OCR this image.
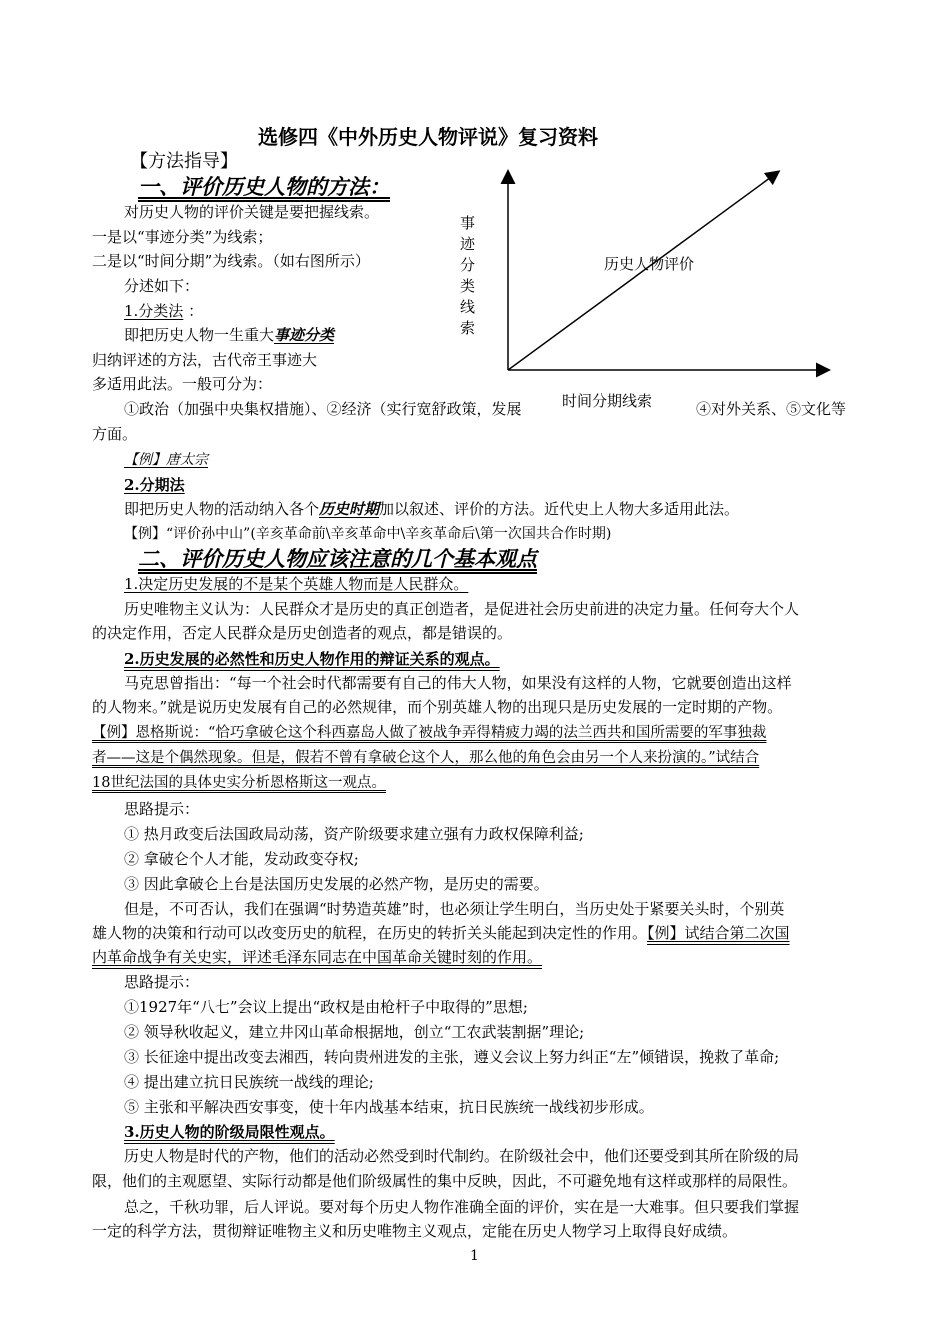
选修四《中外历史人物评说》复习资料
【方法指导】
一、评价历史人物的方法：
对历史人物的评价关键是要把握线索。
一是以“事迹分类”为线索；
二是以“时间分期”为线索。（如右图所示）
分述如下：
1.分类法 ：
即把历史人物一生重大事迹分类
归纳评述的方法，古代帝王事迹大
多适用此法。一般可分为：
①政治（加强中央集权措施）、②经济（实行宽舒政策，发展	④对外关系、⑤文化等
方面。
【例】唐太宗
2.分期法
即把历史人物的活动纳入各个历史时期加以叙述、评价的方法。近代史上人物大多适用此法。
【例】“评价孙中山”(辛亥革命前\辛亥革命中\辛亥革命后\第一次国共合作时期)
事
迹
分
类
线
索
历史人物评价
时间分期线索
二、评价历史人物应该注意的几个基本观点
1.决定历史发展的不是某个英雄人物而是人民群众。
历史唯物主义认为：人民群众才是历史的真正创造者，是促进社会历史前进的决定力量。任何夸大个人
的决定作用，否定人民群众是历史创造者的观点，都是错误的。
2.历史发展的必然性和历史人物作用的辩证关系的观点。
马克思曾指出：“每一个社会时代都需要有自己的伟大人物，如果没有这样的人物，它就要创造出这样
的人物来。”就是说历史发展有自己的必然规律，而个别英雄人物的出现只是历史发展的一定时期的产物。
【例】恩格斯说：“恰巧拿破仑这个科西嘉岛人做了被战争弄得精疲力竭的法兰西共和国所需要的军事独裁
者——这是个偶然现象。但是，假若不曾有拿破仑这个人，那么他的角色会由另一个人来扮演的。”试结合
18世纪法国的具体史实分析恩格斯这一观点。
思路提示：
① 热月政变后法国政局动荡，资产阶级要求建立强有力政权保障利益;
② 拿破仑个人才能，发动政变夺权;
③ 因此拿破仑上台是法国历史发展的必然产物，是历史的需要。
但是，不可否认，我们在强调“时势造英雄”时，也必须让学生明白，当历史处于紧要关头时，个别英
雄人物的决策和行动可以改变历史的航程，在历史的转折关头能起到决定性的作用。【例】试结合第二次国
内革命战争有关史实，评述毛泽东同志在中国革命关键时刻的作用。
思路提示：
①1927年“八七”会议上提出“政权是由枪杆子中取得的”思想;
② 领导秋收起义，建立井冈山革命根据地，创立“工农武装割据”理论;
③ 长征途中提出改变去湘西，转向贵州进发的主张，遵义会议上努力纠正“左”倾错误，挽救了革命;
④ 提出建立抗日民族统一战线的理论;
⑤ 主张和平解决西安事变，使十年内战基本结束，抗日民族统一战线初步形成。
3.历史人物的阶级局限性观点。
历史人物是时代的产物，他们的活动必然受到时代制约。在阶级社会中，他们还要受到其所在阶级的局
限，他们的主观愿望、实际行动都是他们阶级属性的集中反映，因此，不可避免地有这样或那样的局限性。
总之，千秋功罪，后人评说。要对每个历史人物作准确全面的评价，实在是一大难事。但只要我们掌握
一定的科学方法，贯彻辩证唯物主义和历史唯物主义观点，定能在历史人物学习上取得良好成绩。
1
